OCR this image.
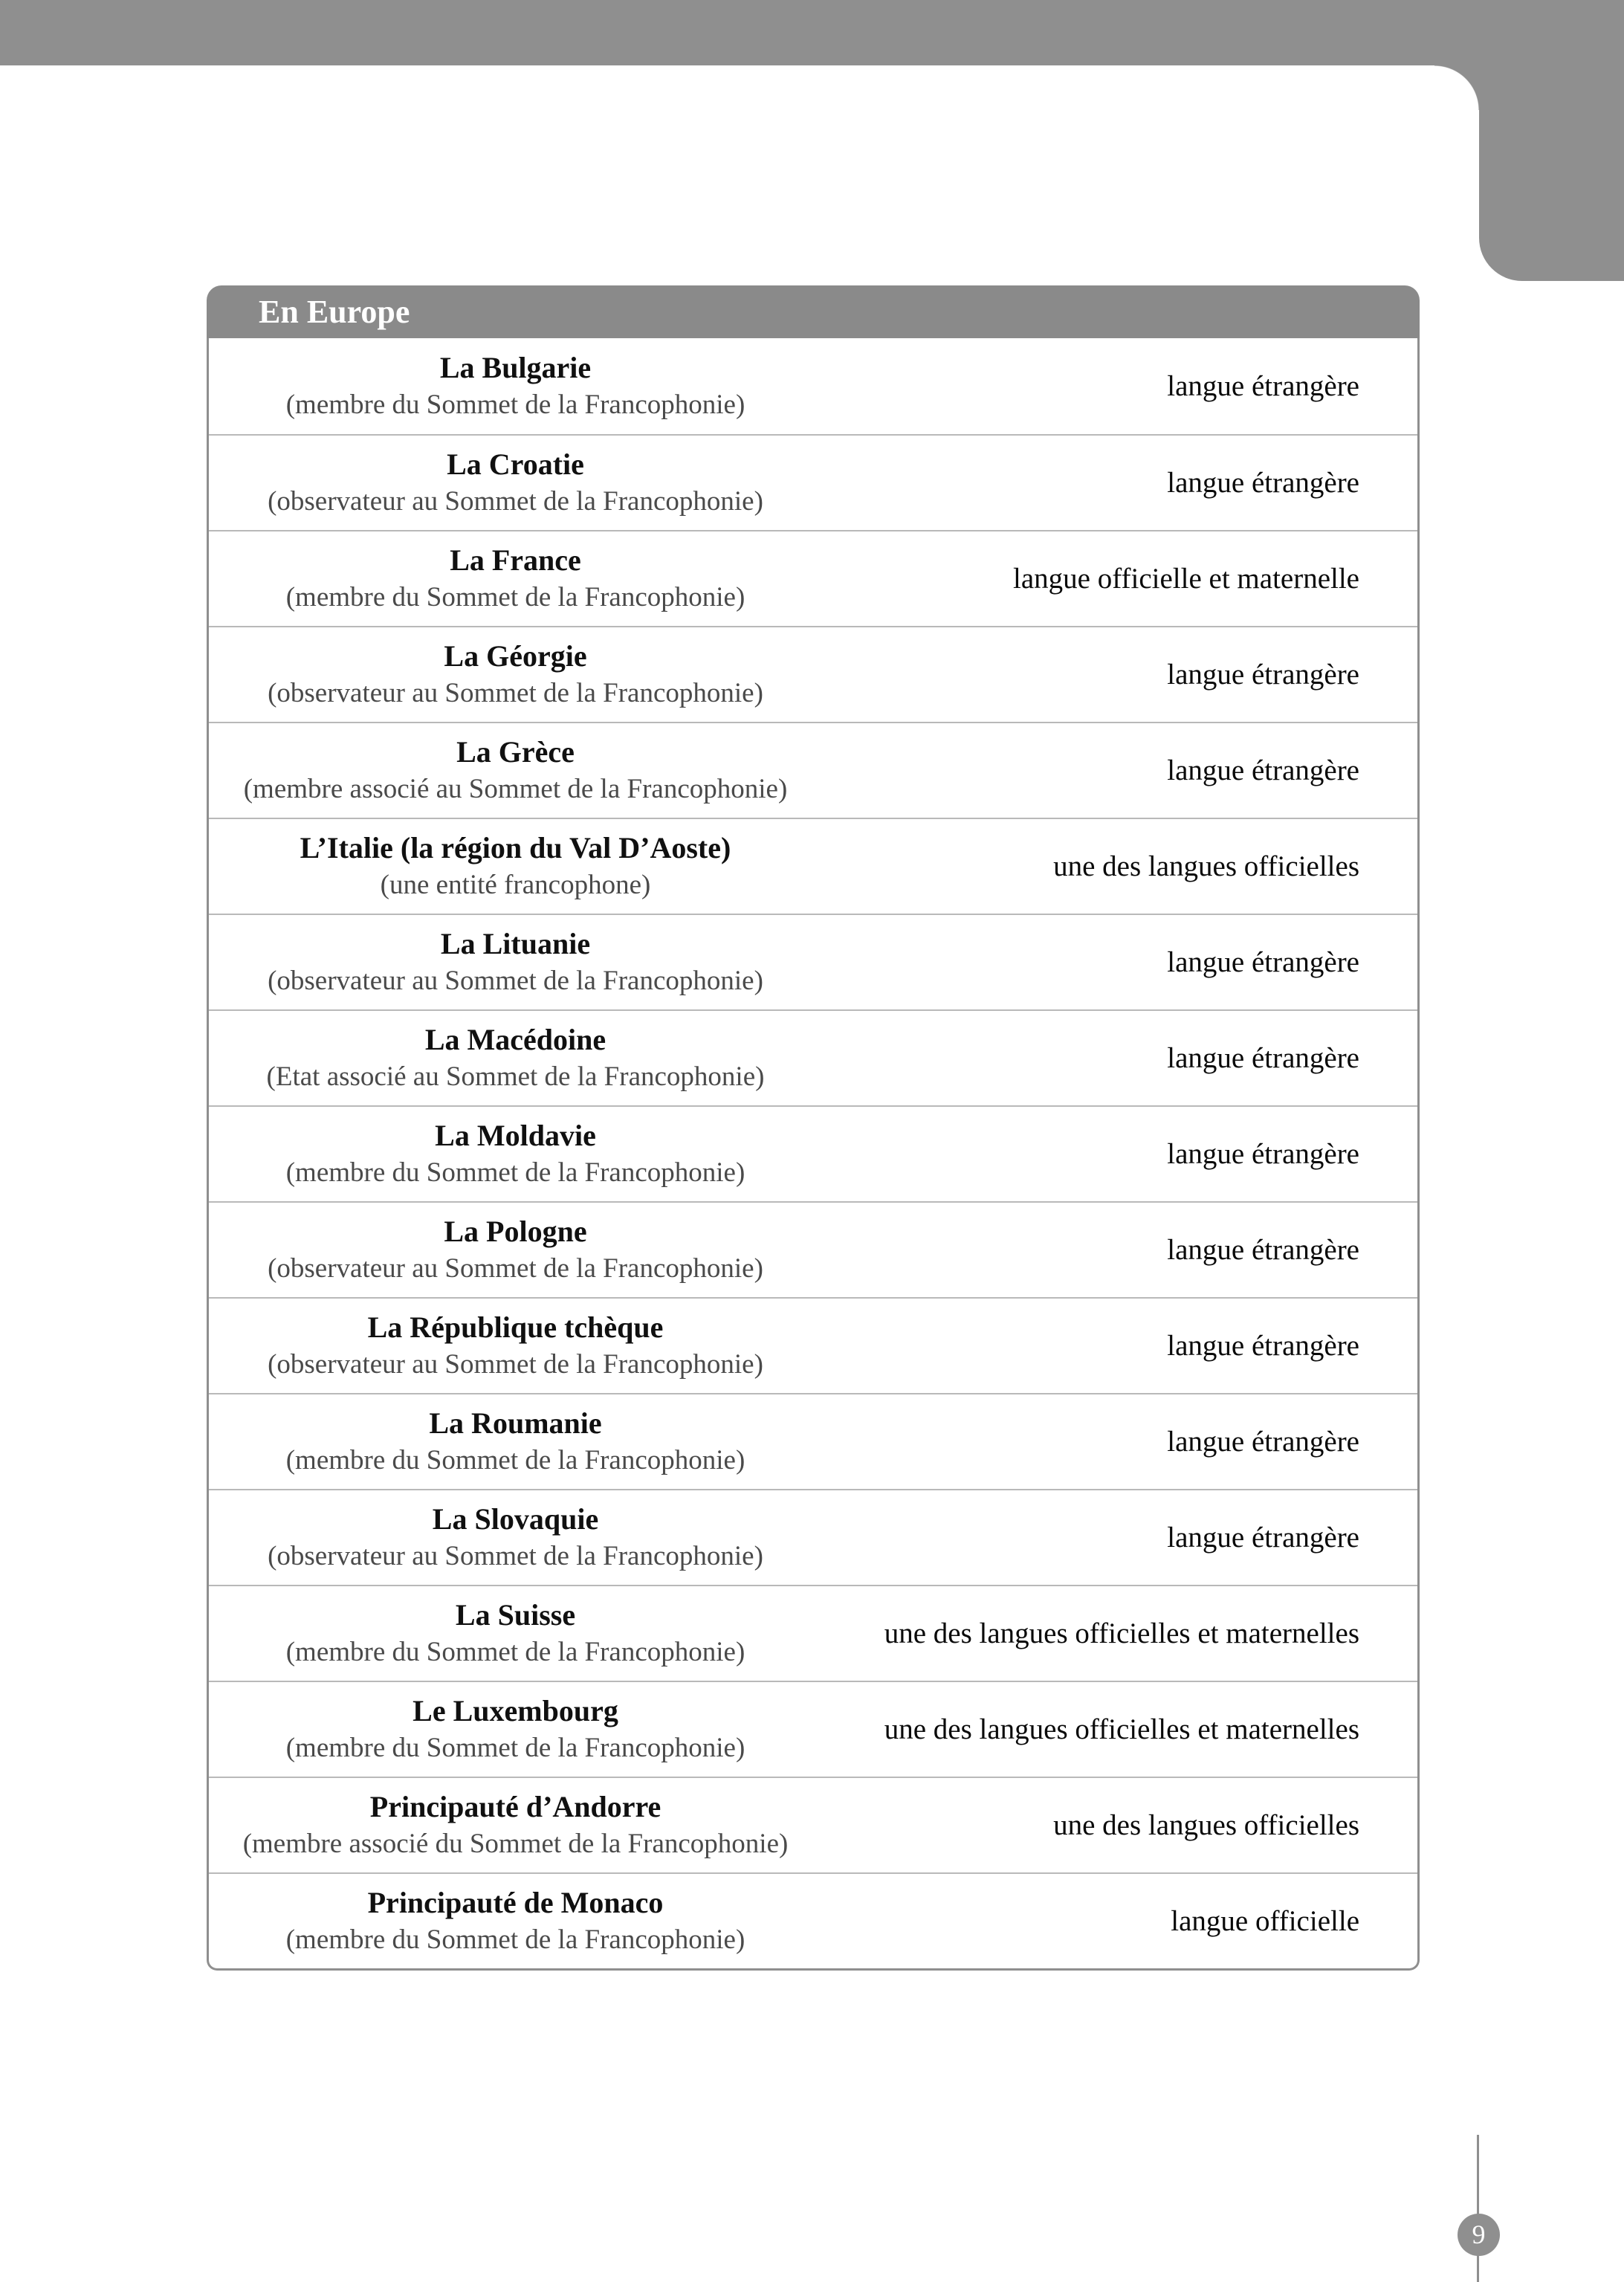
En Europe
La Bulgarie
(membre du Sommet de la Francophonie)
langue étrangère
La Croatie
(observateur au Sommet de la Francophonie)
langue étrangère
La France
(membre du Sommet de la Francophonie)
langue officielle et maternelle
La Géorgie
(observateur au Sommet de la Francophonie)
langue étrangère
La Grèce
(membre associé au Sommet de la Francophonie)
langue étrangère
L’Italie (la région du Val D’Aoste)
(une entité francophone)
une des langues officielles
La Lituanie
(observateur au Sommet de la Francophonie)
langue étrangère
La Macédoine
(Etat associé au Sommet de la Francophonie)
langue étrangère
La Moldavie
(membre du Sommet de la Francophonie)
langue étrangère
La Pologne
(observateur au Sommet de la Francophonie)
langue étrangère
La République tchèque
(observateur au Sommet de la Francophonie)
langue étrangère
La Roumanie
(membre du Sommet de la Francophonie)
langue étrangère
La Slovaquie
(observateur au Sommet de la Francophonie)
langue étrangère
La Suisse
(membre du Sommet de la Francophonie)
une des langues officielles et maternelles
Le Luxembourg
(membre du Sommet de la Francophonie)
une des langues officielles et maternelles
Principauté d’Andorre
(membre associé du Sommet de la Francophonie)
une des langues officielles
Principauté de Monaco
(membre du Sommet de la Francophonie)
langue officielle
9
